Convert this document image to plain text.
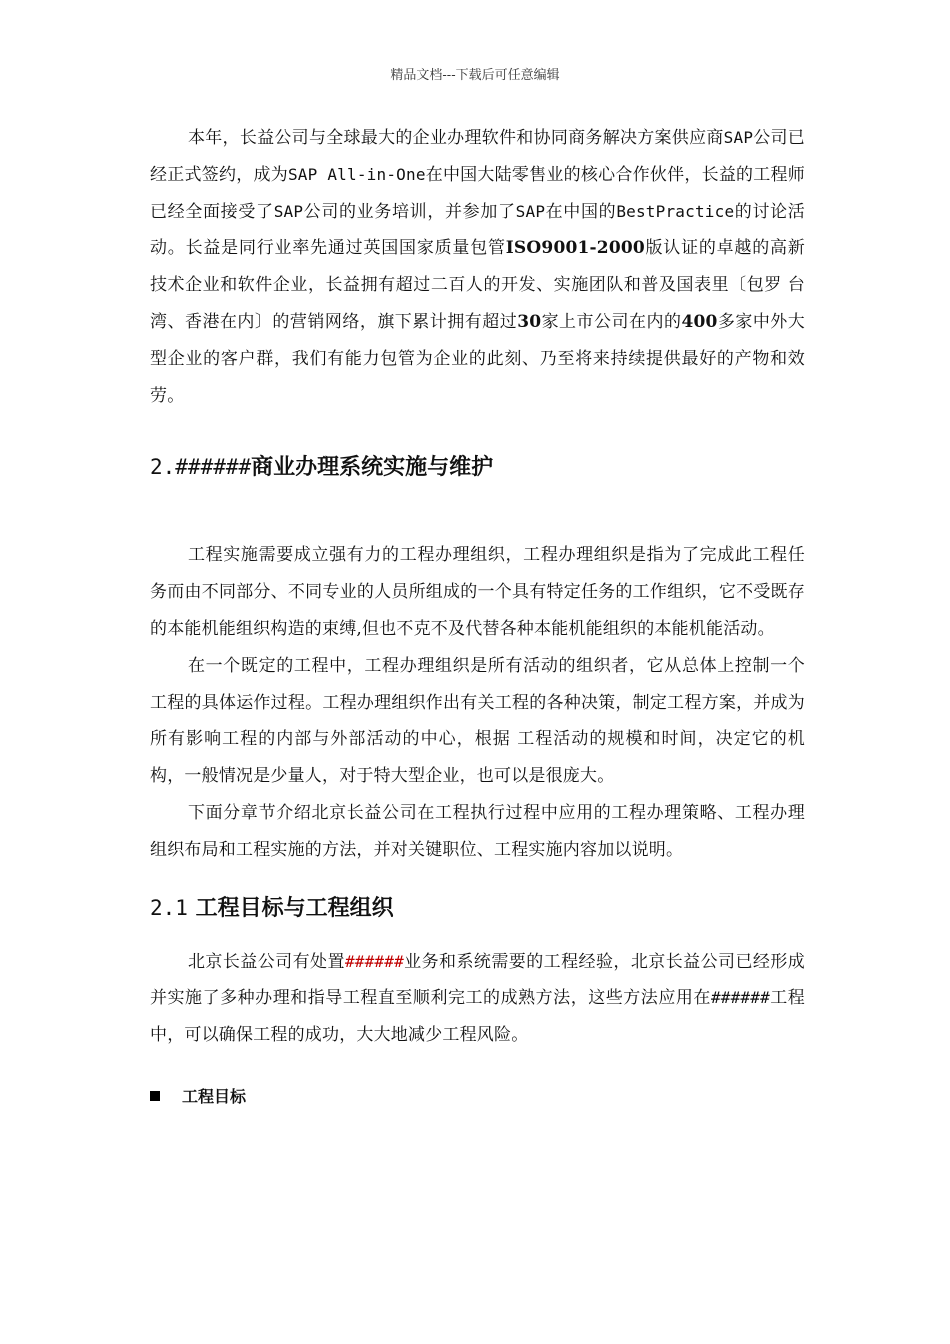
精品文档---下载后可任意编辑

本年，长益公司与全球最大的企业办理软件和协同商务解决方案供应商SAP公司已经正式签约，成为SAP All-in-One在中国大陆零售业的核心合作伙伴，长益的工程师已经全面接受了SAP公司的业务培训，并参加了SAP在中国的BestPractice的讨论活动。长益是同行业率先通过英国国家质量包管ISO9001-2000版认证的卓越的高新技术企业和软件企业，长益拥有超过二百人的开发、实施团队和普及国表里〔包罗 台湾、香港在内〕的营销网络，旗下累计拥有超过30家上市公司在内的400多家中外大型企业的客户群，我们有能力包管为企业的此刻、乃至将来持续提供最好的产物和效劳。

2.######商业办理系统实施与维护

工程实施需要成立强有力的工程办理组织，工程办理组织是指为了完成此工程任务而由不同部分、不同专业的人员所组成的一个具有特定任务的工作组织，它不受既存的本能机能组织构造的束缚,但也不克不及代替各种本能机能组织的本能机能活动。

在一个既定的工程中，工程办理组织是所有活动的组织者，它从总体上控制一个工程的具体运作过程。工程办理组织作出有关工程的各种决策，制定工程方案，并成为所有影响工程的内部与外部活动的中心，根据 工程活动的规模和时间，决定它的机构，一般情况是少量人，对于特大型企业，也可以是很庞大。

下面分章节介绍北京长益公司在工程执行过程中应用的工程办理策略、工程办理组织布局和工程实施的方法，并对关键职位、工程实施内容加以说明。

2.1 工程目标与工程组织

北京长益公司有处置######业务和系统需要的工程经验，北京长益公司已经形成并实施了多种办理和指导工程直至顺利完工的成熟方法，这些方法应用在######工程中，可以确保工程的成功，大大地减少工程风险。

工程目标
